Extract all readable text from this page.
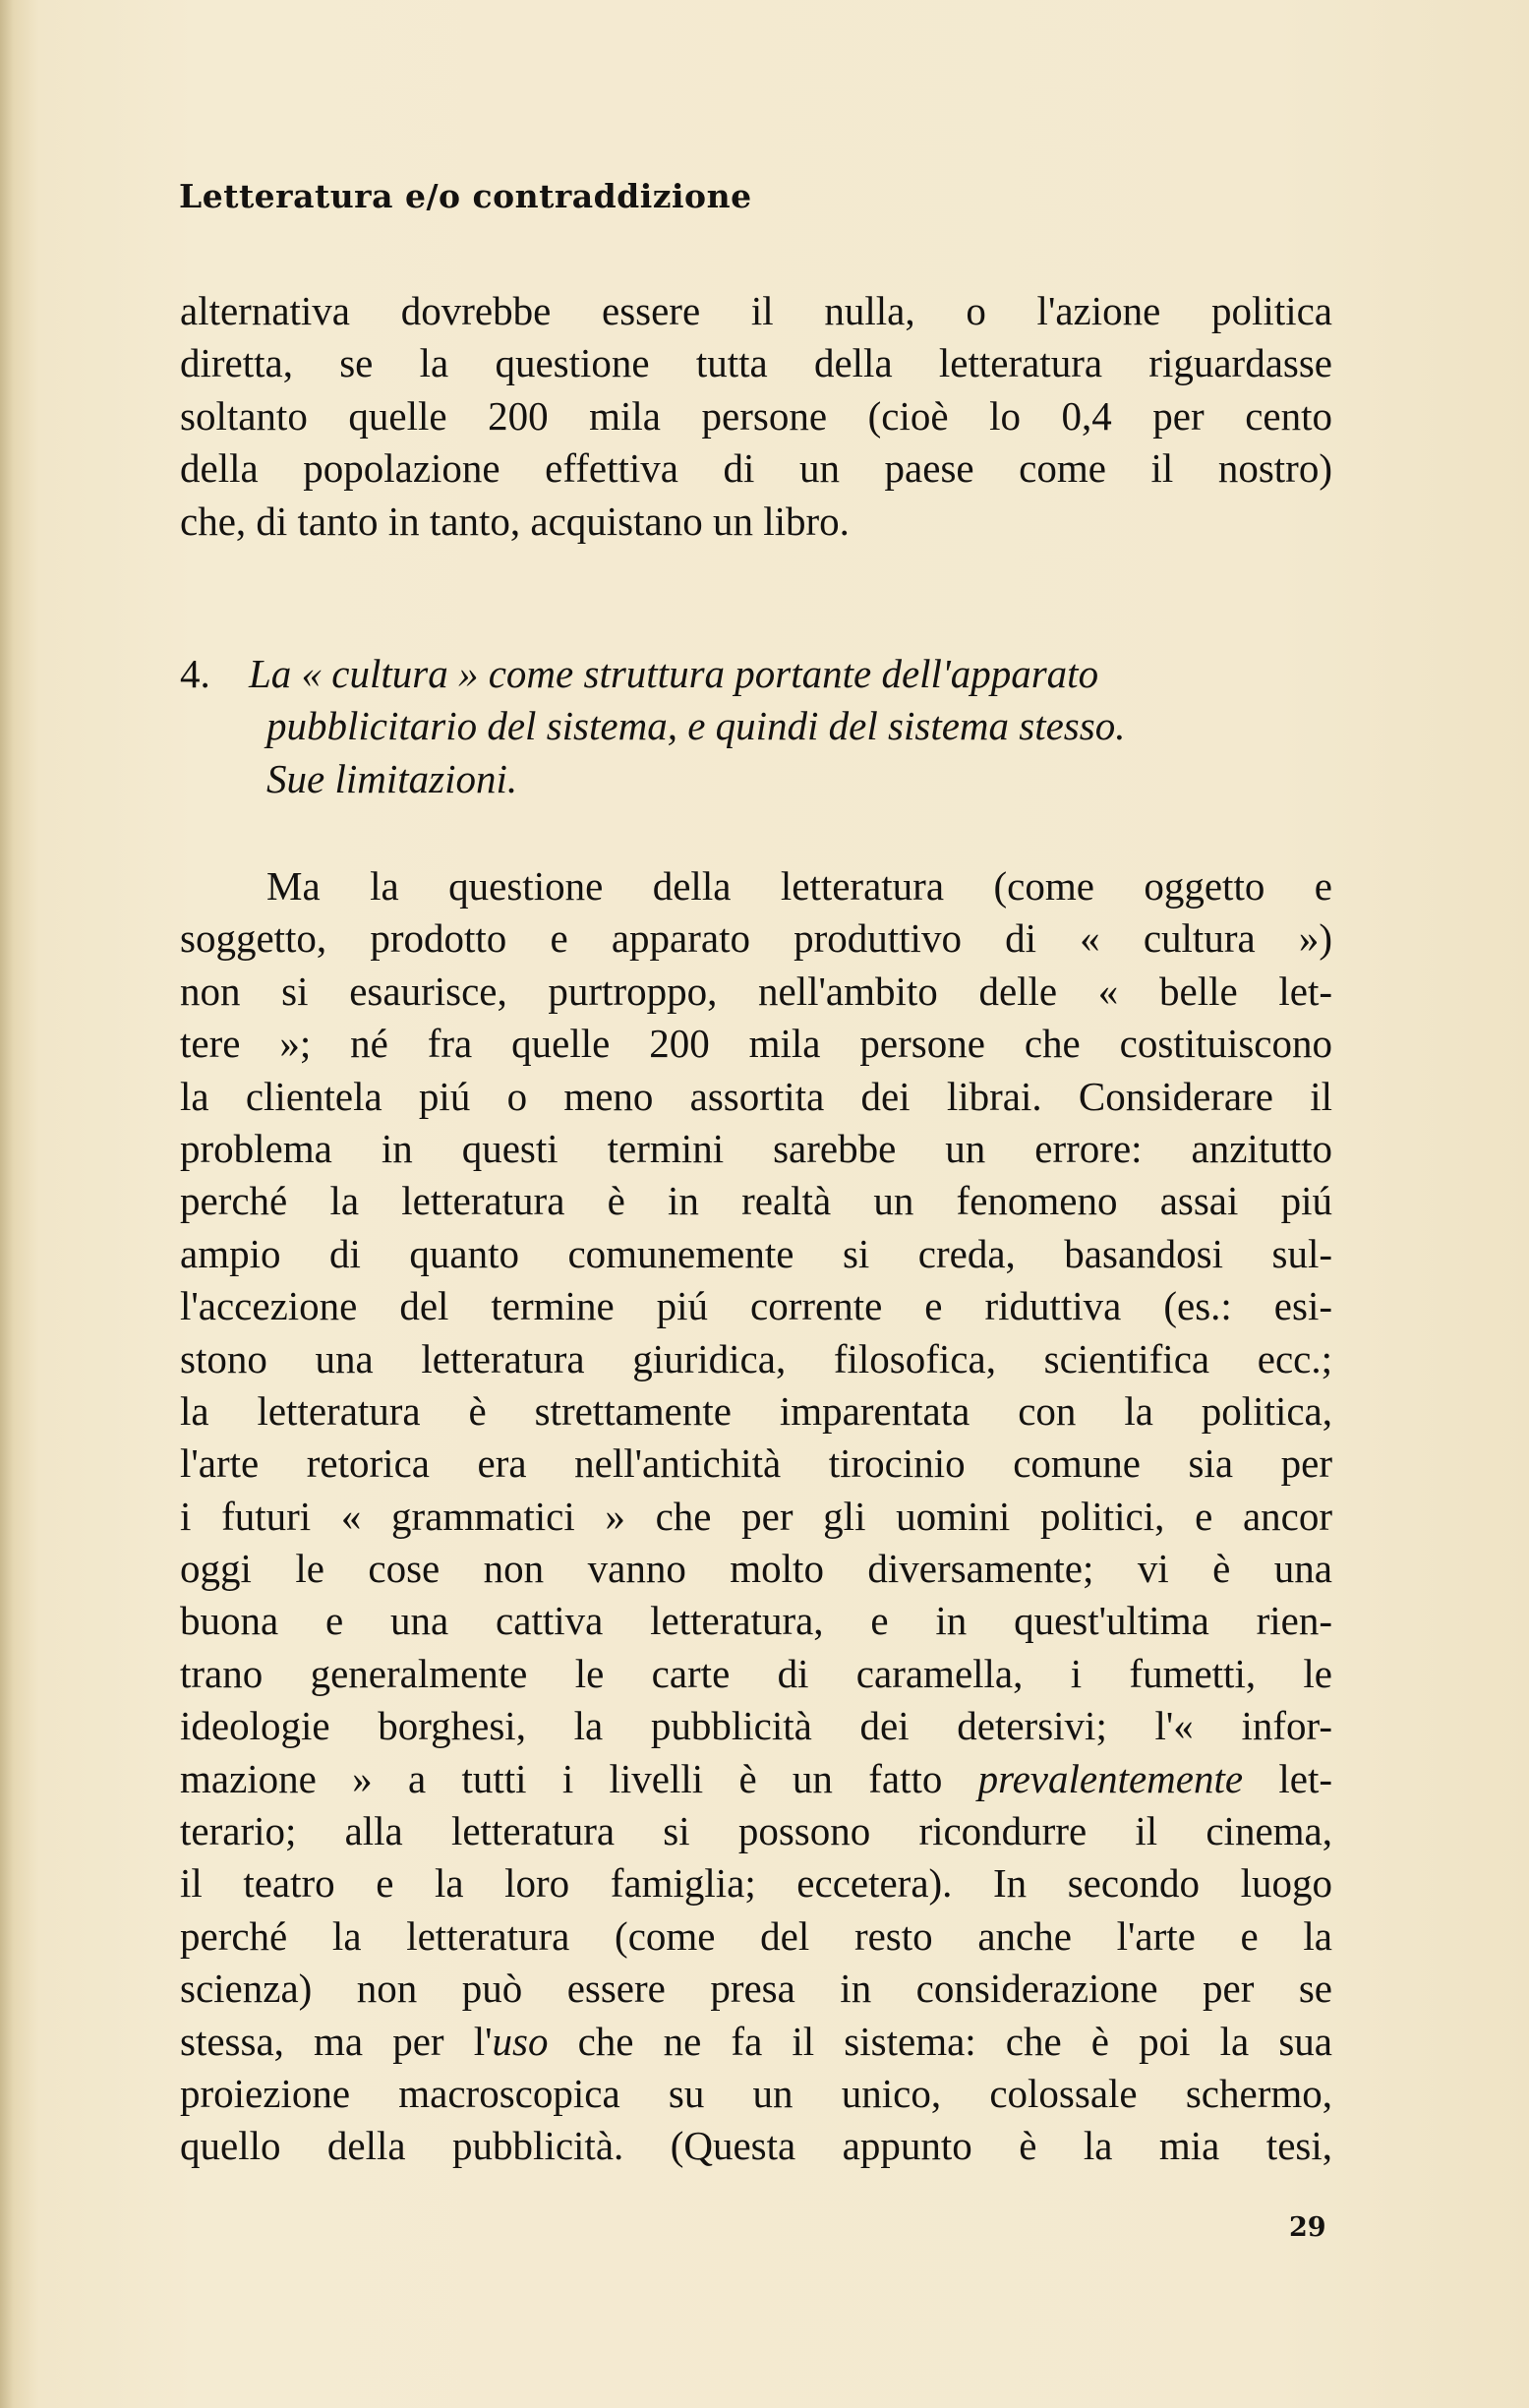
Letteratura e/o contraddizione
alternativa dovrebbe essere il nulla, o l'azione politica
diretta, se la questione tutta della letteratura riguardasse
soltanto quelle 200 mila persone (cioè lo 0,4 per cento
della popolazione effettiva di un paese come il nostro)
che, di tanto in tanto, acquistano un libro.
4. La « cultura » come struttura portante dell'apparato
pubblicitario del sistema, e quindi del sistema stesso.
Sue limitazioni.
Ma la questione della letteratura (come oggetto e
soggetto, prodotto e apparato produttivo di « cultura »)
non si esaurisce, purtroppo, nell'ambito delle « belle let-
tere »; né fra quelle 200 mila persone che costituiscono
la clientela piú o meno assortita dei librai. Considerare il
problema in questi termini sarebbe un errore: anzitutto
perché la letteratura è in realtà un fenomeno assai piú
ampio di quanto comunemente si creda, basandosi sul-
l'accezione del termine piú corrente e riduttiva (es.: esi-
stono una letteratura giuridica, filosofica, scientifica ecc.;
la letteratura è strettamente imparentata con la politica,
l'arte retorica era nell'antichità tirocinio comune sia per
i futuri « grammatici » che per gli uomini politici, e ancor
oggi le cose non vanno molto diversamente; vi è una
buona e una cattiva letteratura, e in quest'ultima rien-
trano generalmente le carte di caramella, i fumetti, le
ideologie borghesi, la pubblicità dei detersivi; l'« infor-
mazione » a tutti i livelli è un fatto prevalentemente let-
terario; alla letteratura si possono ricondurre il cinema,
il teatro e la loro famiglia; eccetera). In secondo luogo
perché la letteratura (come del resto anche l'arte e la
scienza) non può essere presa in considerazione per se
stessa, ma per l'uso che ne fa il sistema: che è poi la sua
proiezione macroscopica su un unico, colossale schermo,
quello della pubblicità. (Questa appunto è la mia tesi,
29
